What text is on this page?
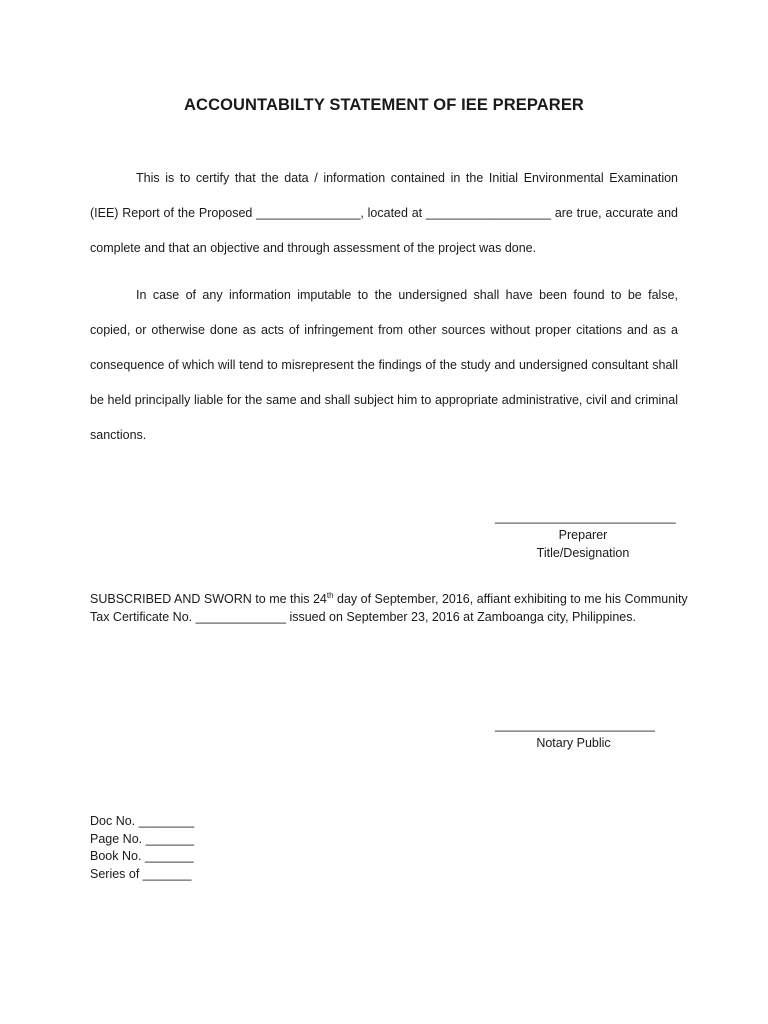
ACCOUNTABILTY STATEMENT OF IEE PREPARER

This is to certify that the data / information contained in the Initial Environmental Examination (IEE) Report of the Proposed _______________, located at __________________ are true, accurate and complete and that an objective and through assessment of the project was done.

In case of any information imputable to the undersigned shall have been found to be false, copied, or otherwise done as acts of infringement from other sources without proper citations and as a consequence of which will tend to misrepresent the findings of the study and undersigned consultant shall be held principally liable for the same and shall subject him to appropriate administrative, civil and criminal sanctions.

__________________________
Preparer
Title/Designation
SUBSCRIBED AND SWORN to me this 24th day of September, 2016, affiant exhibiting to me his Community
Tax Certificate No. _____________ issued on September 23, 2016 at Zamboanga city, Philippines.
_______________________
Notary Public
Doc No. ________
Page No. _______
Book No. _______
Series of _______
